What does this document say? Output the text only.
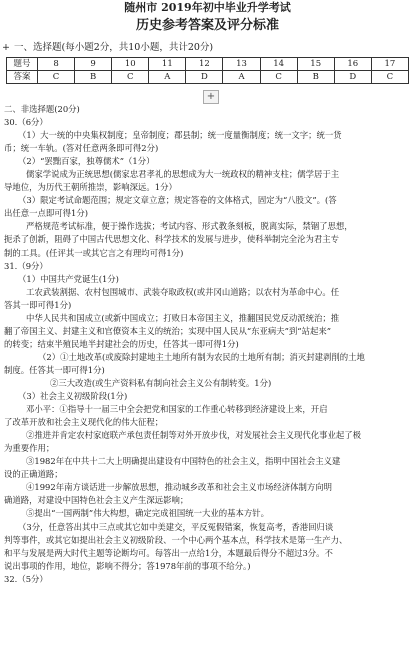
随州市 2019年初中毕业升学考试
历史参考答案及评分标准
+ 一、选择题(每小题2分，共10小题，共计20分)
题号	8	9	10	11	12	13	14	15	16	17
答案	C	B	C	A	D	A	C	B	D	C
+
二、非选择题(20分)
30.（6分）
（1）大一统的中央集权制度；皇帝制度；郡县制；统一度量衡制度；统一文字；统一货
币；统一车轨。(答对任意两条即可得2分)
（2）“罢黜百家，独尊儒术”（1分）
儒家学说成为正统思想(儒家忠君孝礼的思想成为大一统政权的精神支柱；儒学居于主
导地位，为历代王朝所推崇，影响深远。1分）
（3）限定考试命题范围；规定文章立意；规定答卷的文体格式，固定为“八股文”。(答
出任意一点即可得1分)
严格规范考试标准，便于操作选拔；考试内容、形式教条刻板，脱离实际，禁锢了思想，
扼杀了创新，阻碍了中国古代思想文化、科学技术的发展与进步，使科举制完全沦为君主专
制的工具。(任评其一或其它言之有理均可得1分)
31.（9分）
（1）中国共产党诞生(1分)
工农武装割据、农村包围城市、武装夺取政权(或井冈山道路；以农村为革命中心。任
答其一即可得1分)
中华人民共和国成立(或新中国成立；打败日本帝国主义，推翻国民党反动派统治；推
翻了帝国主义、封建主义和官僚资本主义的统治；实现中国人民从“东亚病夫”到“站起来”
的转变；结束半殖民地半封建社会的历史，任答其一即可得1分)
（2）①土地改革(或废除封建地主土地所有制为农民的土地所有制；消灭封建剥削的土地
制度。任答其一即可得1分)
②三大改造(或生产资料私有制向社会主义公有制转变。1分)
（3）社会主义初级阶段(1分)
邓小平：①指导十一届三中全会把党和国家的工作重心转移到经济建设上来，开启
了改革开放和社会主义现代化的伟大征程；
②推进并肯定农村家庭联产承包责任制等对外开放步伐，对发展社会主义现代化事业起了极
为重要作用；
③1982年在中共十二大上明确提出建设有中国特色的社会主义，指明中国社会主义建
设的正确道路；
④1992年南方谈话进一步解放思想，推动城乡改革和社会主义市场经济体制方向明
确道路，对建设中国特色社会主义产生深远影响；
⑤提出“一国两制”伟大构想，确定完成祖国统一大业的基本方针。
（3分，任意答出其中三点或其它如中美建交，平反冤假错案，恢复高考，香港回归谈
判等事件，或其它如提出社会主义初级阶段、一个中心两个基本点，科学技术是第一生产力、
和平与发展是两大时代主题等论断均可。每答出一点给1分，本题最后得分不超过3分。不
说出事项的作用，地位，影响不得分；答1978年前的事项不给分。)
32.（5分）
